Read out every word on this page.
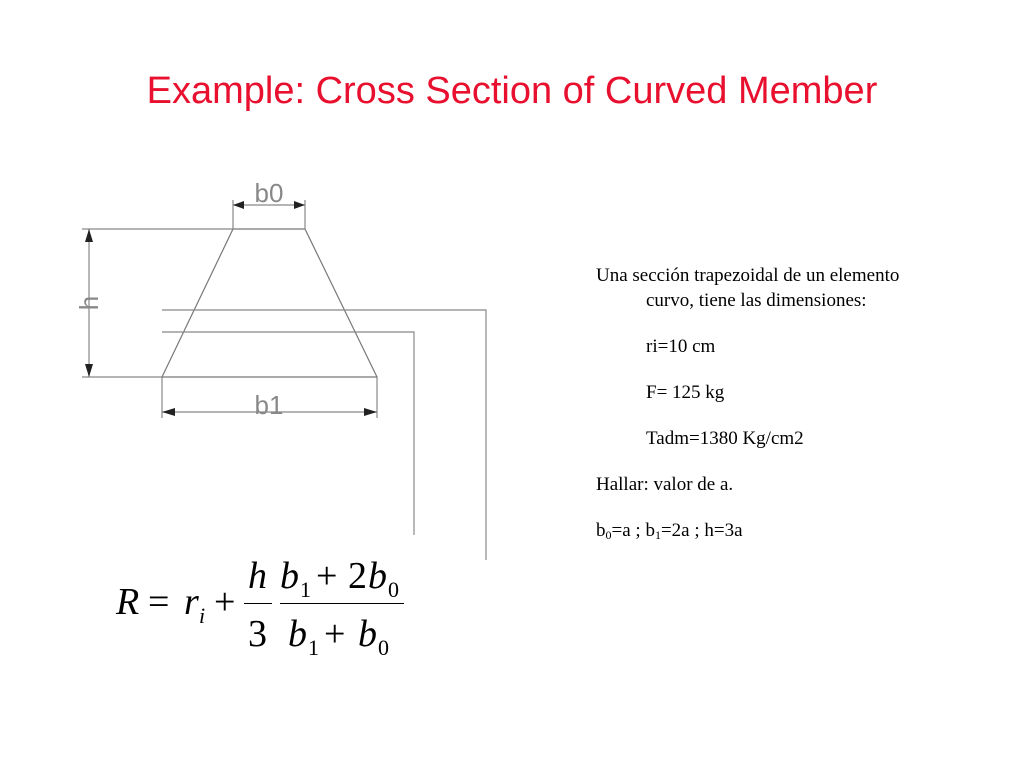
Example: Cross Section of Curved Member
b0
b1
h
R = r i +
h
3
b 1 + 2 b 0
b 1 + b 0

Una sección trapezoidal de un elemento curvo, tiene las dimensiones:

ri=10 cm

F= 125 kg

Tadm=1380 Kg/cm2

Hallar: valor de a.

$b_0=a$ ; $b_1=2a$ ; h=3a
